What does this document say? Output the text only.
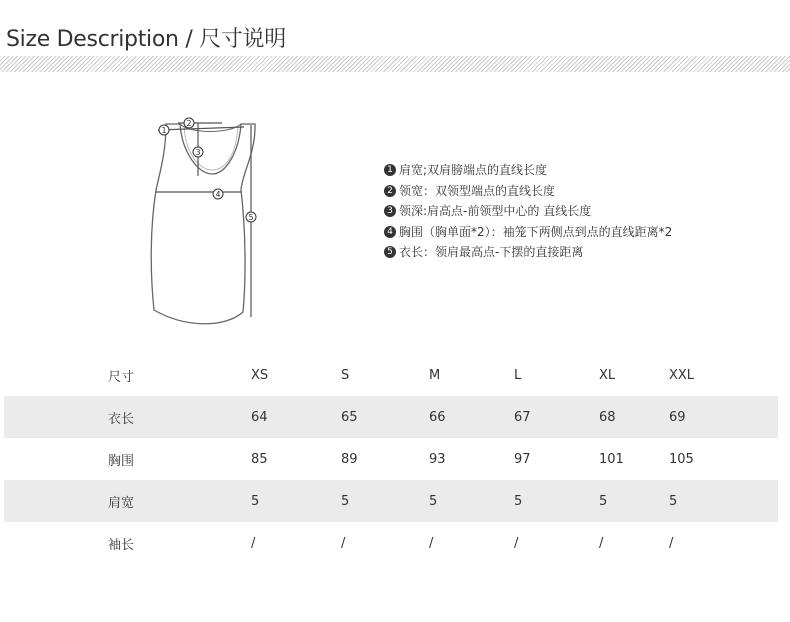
Size Description / 尺寸说明
1
2
3
4
5
1 肩宽;双肩膀端点的直线长度
2 领宽：双领型端点的直线长度
3 领深:肩高点-前领型中心的 直线长度
4 胸围（胸单面*2）：袖笼下两侧点到点的直线距离*2
5 衣长：领肩最高点-下摆的直接距离
尺寸	XS	S	M	L	XL	XXL
衣长	64	65	66	67	68	69
胸围	85	89	93	97	101	105
肩宽	5	5	5	5	5	5
袖长	/	/	/	/	/	/
